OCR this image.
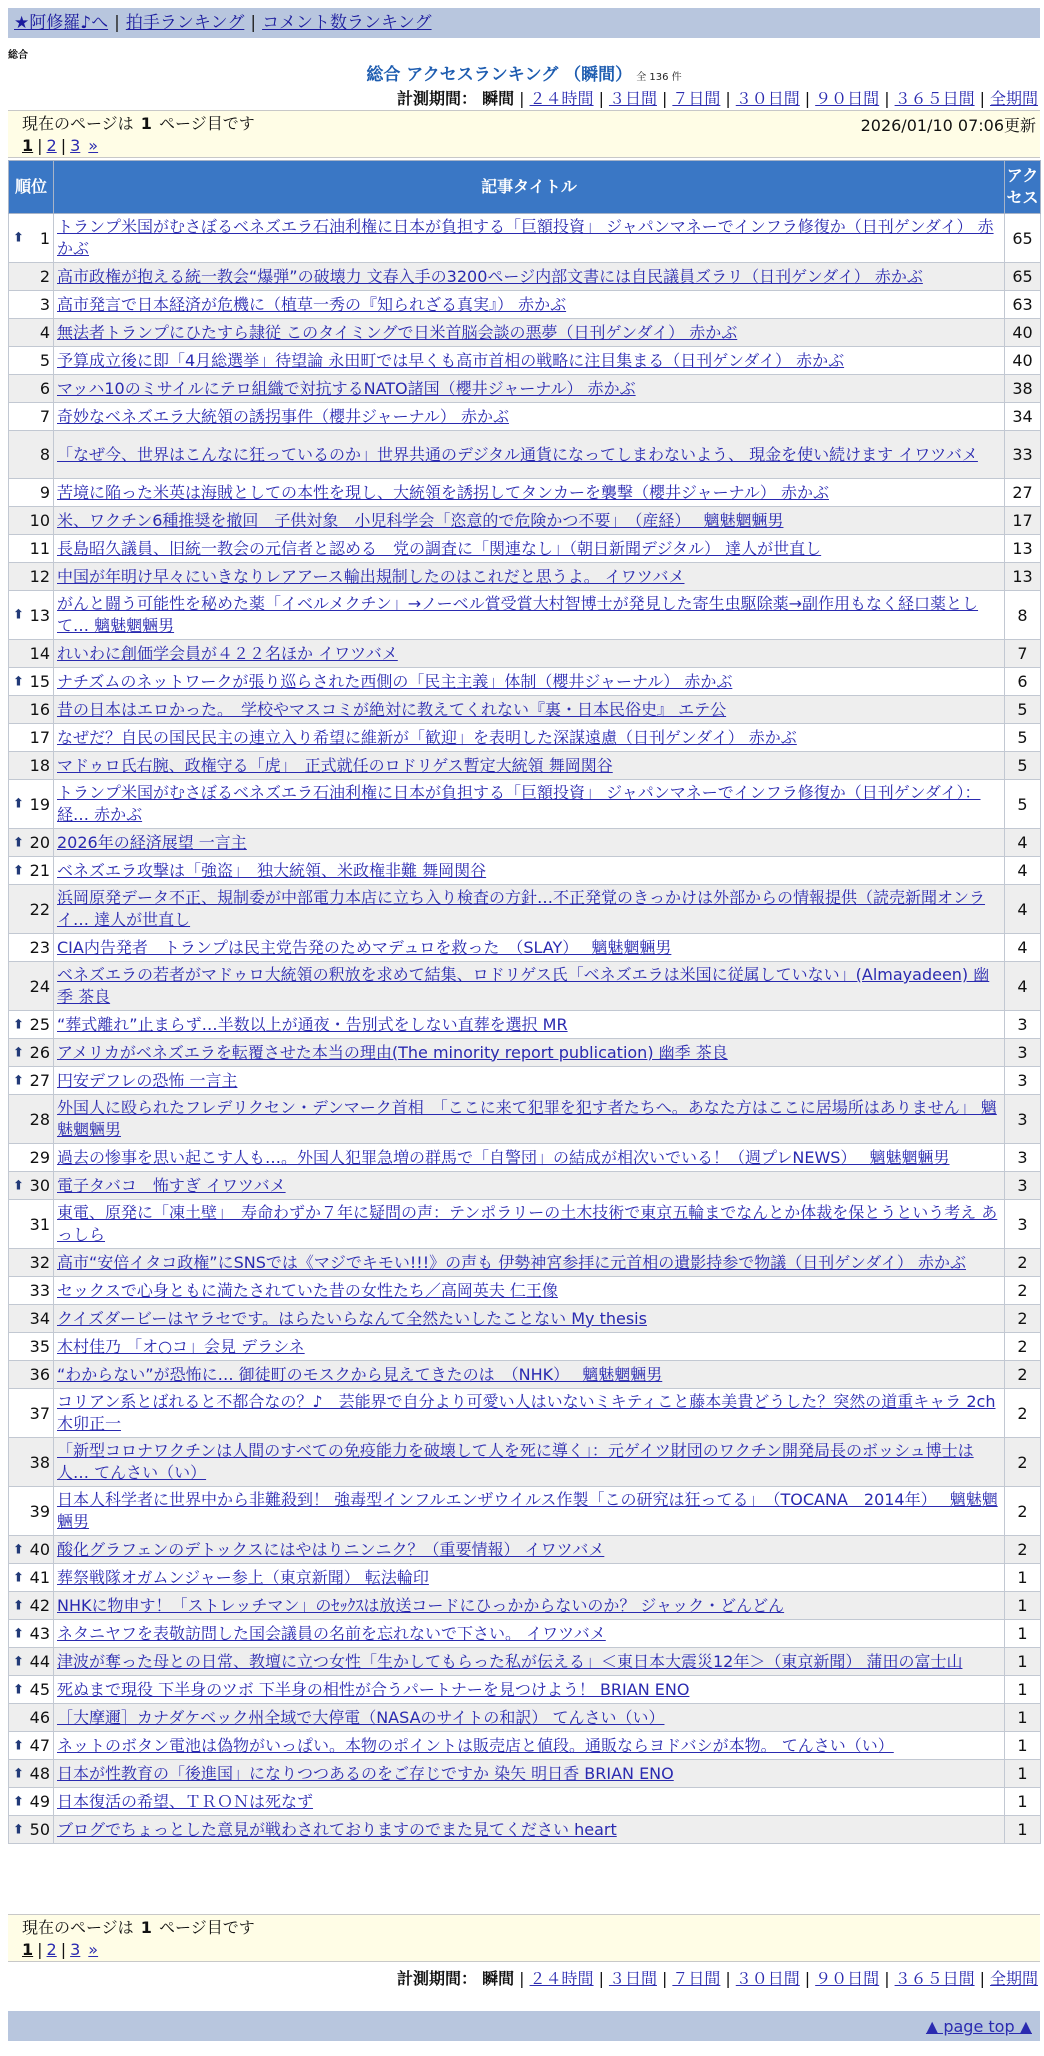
★阿修羅♪へ | 拍手ランキング | コメント数ランキング
総合
総合 アクセスランキング （瞬間） 全 136 件
計測期間： 瞬間 | ２４時間 | ３日間 | ７日間 | ３０日間 | ９０日間 | ３６５日間 | 全期間
現在のページは 1 ページ目です	2026/01/10 07:06更新
1 | 2 | 3 »
順位	記事タイトル	アクセス

⬆ 1	トランプ米国がむさぼるベネズエラ石油利権に日本が負担する「巨額投資」 ジャパンマネーでインフラ修復か（日刊ゲンダイ） 赤かぶ	65
2	高市政権が抱える統一教会“爆弾”の破壊力 文春入手の3200ページ内部文書には自民議員ズラリ（日刊ゲンダイ） 赤かぶ	65
3	高市発言で日本経済が危機に（植草一秀の『知られざる真実』） 赤かぶ	63
4	無法者トランプにひたすら隷従 このタイミングで日米首脳会談の悪夢（日刊ゲンダイ） 赤かぶ	40
5	予算成立後に即「4月総選挙」待望論 永田町では早くも高市首相の戦略に注目集まる（日刊ゲンダイ） 赤かぶ	40
6	マッハ10のミサイルにテロ組織で対抗するNATO諸国（櫻井ジャーナル） 赤かぶ	38
7	奇妙なベネズエラ大統領の誘拐事件（櫻井ジャーナル） 赤かぶ	34
8	「なぜ今、世界はこんなに狂っているのか」世界共通のデジタル通貨になってしまわないよう、 現金を使い続けます イワツバメ	33
9	苦境に陥った米英は海賊としての本性を現し、大統領を誘拐してタンカーを襲撃（櫻井ジャーナル） 赤かぶ	27
10	米、ワクチン6種推奨を撤回　子供対象　小児科学会「恣意的で危険かつ不要」　（産経）　 魑魅魍魎男	17
11	長島昭久議員、旧統一教会の元信者と認める　党の調査に「関連なし」（朝日新聞デジタル） 達人が世直し	13
12	中国が年明け早々にいきなりレアアース輸出規制したのはこれだと思うよ。 イワツバメ	13

⬆ 13	がんと闘う可能性を秘めた薬「イベルメクチン」→ノーベル賞受賞大村智博士が発見した寄生虫駆除薬→副作用もなく経口薬として… 魑魅魍魎男	8
14	れいわに創価学会員が４２２名ほか イワツバメ	7

⬆ 15	ナチズムのネットワークが張り巡らされた西側の「民主主義」体制（櫻井ジャーナル） 赤かぶ	6
16	昔の日本はエロかった。　学校やマスコミが絶対に教えてくれない『裏・日本民俗史』 エテ公	5
17	なぜだ？自民の国民民主の連立入り希望に維新が「歓迎」を表明した深謀遠慮（日刊ゲンダイ） 赤かぶ	5
18	マドゥロ氏右腕、政権守る「虎」　正式就任のロドリゲス暫定大統領 舞岡関谷	5

⬆ 19	トランプ米国がむさぼるベネズエラ石油利権に日本が負担する「巨額投資」 ジャパンマネーでインフラ修復か（日刊ゲンダイ）：経… 赤かぶ	5

⬆ 20	2026年の経済展望 一言主	4

⬆ 21	ベネズエラ攻撃は「強盗」　独大統領、米政権非難 舞岡関谷	4
22	浜岡原発データ不正、規制委が中部電力本店に立ち入り検査の方針…不正発覚のきっかけは外部からの情報提供（読売新聞オンライ… 達人が世直し	4
23	CIA内告発者　トランプは民主党告発のためマデュロを救った　（SLAY）　 魑魅魍魎男	4
24	ベネズエラの若者がマドゥロ大統領の釈放を求めて結集、ロドリゲス氏「ベネズエラは米国に従属していない」(Almayadeen) 幽季 茶良	4

⬆ 25	“葬式離れ”止まらず…半数以上が通夜・告別式をしない直葬を選択 MR	3

⬆ 26	アメリカがベネズエラを転覆させた本当の理由(The minority report publication) 幽季 茶良	3

⬆ 27	円安デフレの恐怖 一言主	3
28	外国人に殴られたフレデリクセン・デンマーク首相　「ここに来て犯罪を犯す者たちへ。あなた方はここに居場所はありません」 魑魅魍魎男	3
29	過去の惨事を思い起こす人も…。外国人犯罪急増の群馬で「自警団」の結成が相次いでいる！（週プレNEWS）　 魑魅魍魎男	3

⬆ 30	電子タバコ　怖すぎ イワツバメ	3
31	東電、原発に「凍土壁」　寿命わずか７年に疑問の声：テンポラリーの土木技術で東京五輪までなんとか体裁を保とうという考え あっしら	3
32	高市“安倍イタコ政権”にSNSでは《マジでキモい!!!》の声も 伊勢神宮参拝に元首相の遺影持参で物議（日刊ゲンダイ） 赤かぶ	2
33	セックスで心身ともに満たされていた昔の女性たち／高岡英夫 仁王像	2
34	クイズダービーはヤラセです。はらたいらなんて全然たいしたことない My thesis	2
35	木村佳乃 「オ○コ」会見 デラシネ	2
36	“わからない”が恐怖に… 御徒町のモスクから見えてきたのは　（NHK）　 魑魅魍魎男	2
37	コリアン系とばれると不都合なの？♪　芸能界で自分より可愛い人はいないミキティこと藤本美貴どうした？突然の道重キャラ 2ch 木卯正一	2
38	「新型コロナワクチンは人間のすべての免疫能力を破壊して人を死に導く」：元ゲイツ財団のワクチン開発局長のボッシュ博士は人… てんさい（い）	2
39	日本人科学者に世界中から非難殺到！ 強毒型インフルエンザウイルス作製「この研究は狂ってる」　（TOCANA　2014年）　 魑魅魍魎男	2

⬆ 40	酸化グラフェンのデトックスにはやはりニンニク？（重要情報） イワツバメ	2

⬆ 41	葬祭戦隊オガムンジャー参上（東京新聞） 転法輪印	1

⬆ 42	NHKに物申す！「ストレッチマン」のｾｯｸｽは放送コードにひっかからないのか？ ジャック・どんどん	1

⬆ 43	ネタニヤフを表敬訪問した国会議員の名前を忘れないで下さい。 イワツバメ	1

⬆ 44	津波が奪った母との日常、教壇に立つ女性「生かしてもらった私が伝える」＜東日本大震災12年＞（東京新聞） 蒲田の富士山	1

⬆ 45	死ぬまで現役 下半身のツボ 下半身の相性が合うパートナーを見つけよう！ BRIAN ENO	1
46	［大摩邇］カナダケベック州全域で大停電（NASAのサイトの和訳） てんさい（い）	1

⬆ 47	ネットのボタン電池は偽物がいっぱい。本物のポイントは販売店と値段。通販ならヨドバシが本物。 てんさい（い）	1

⬆ 48	日本が性教育の「後進国」になりつつあるのをご存じですか 染矢 明日香 BRIAN ENO	1

⬆ 49	日本復活の希望、ＴＲＯＮは死なず	1

⬆ 50	ブログでちょっとした意見が戦わされておりますのでまた見てください heart	1
現在のページは 1 ページ目です
1 | 2 | 3 »
計測期間： 瞬間 | ２４時間 | ３日間 | ７日間 | ３０日間 | ９０日間 | ３６５日間 | 全期間
▲ page top ▲
